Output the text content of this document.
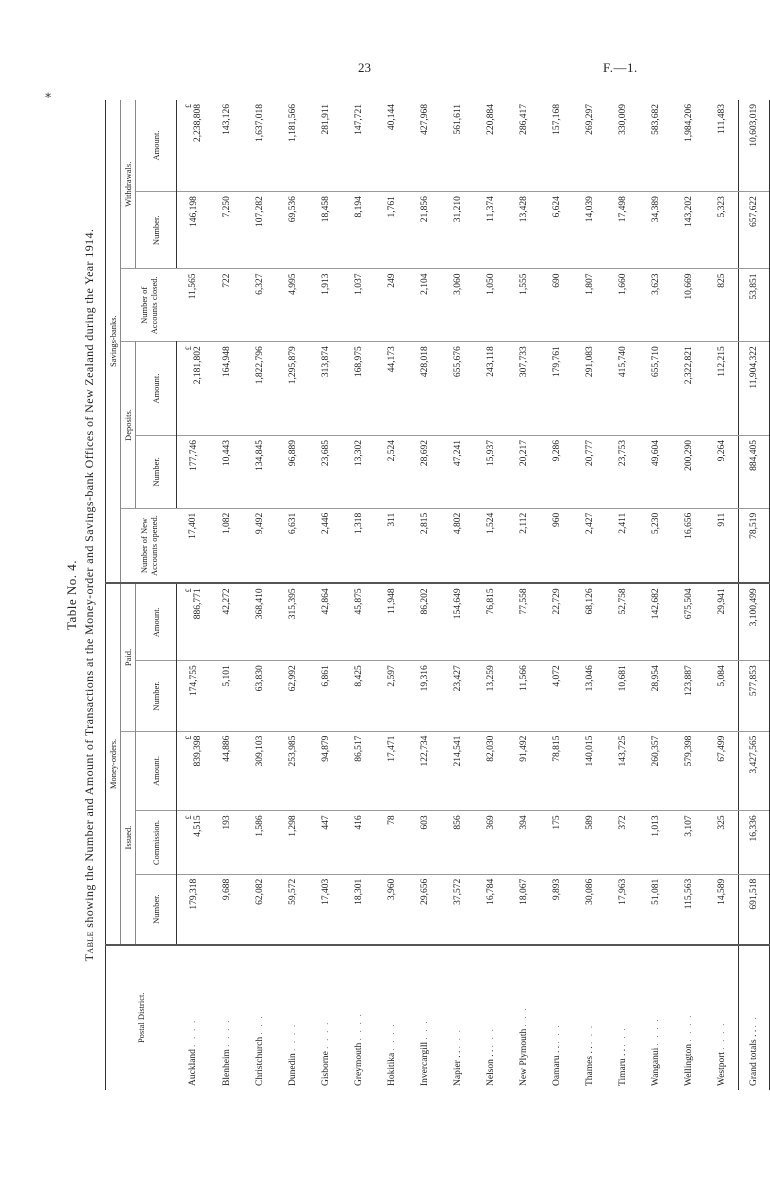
23	F.—1.
∗
Table No. 4.
Table showing the Number and Amount of Transactions at the Money-order and Savings-bank Offices of New Zealand during the Year 1914.
Postal District.	Money-orders.					Savings-banks.					
	Issued.			Paid.		Number of New Accounts opened.	Deposits.		Number of Accounts closed.	Withdrawals.	
	Number.	Commission.	Amount.	Number.	Amount.		Number.	Amount.		Number.	Amount.
Auckland . . . .	179,318	£ 4,515	£ 839,398	174,755	£ 886,771	17,401	177,746	£ 2,181,802	11,565	146,198	£ 2,238,808
Blenheim . . . .	9,688	193	44,886	5,101	42,272	1,082	10,443	164,948	722	7,250	143,126
Christchurch . . .	62,082	1,586	309,103	63,830	368,410	9,492	134,845	1,822,796	6,327	107,282	1,637,018
Dunedin . . . .	59,572	1,298	253,985	62,992	315,395	6,631	96,889	1,295,879	4,995	69,536	1,181,566
Gisborne . . . .	17,403	447	94,879	6,861	42,864	2,446	23,685	313,874	1,913	18,458	281,911
Greymouth . . . .	18,301	416	86,517	8,425	45,875	1,318	13,302	168,975	1,037	8,194	147,721
Hokitika . . . .	3,960	78	17,471	2,597	11,948	311	2,524	44,173	249	1,761	40,144
Invercargill . . .	29,656	603	122,734	19,316	86,202	2,815	28,692	428,018	2,104	21,856	427,968
Napier . . . . .	37,572	856	214,541	23,427	154,649	4,802	47,241	655,676	3,060	31,210	561,611
Nelson . . . . .	16,784	369	82,030	13,259	76,815	1,524	15,937	243,118	1,050	11,374	220,884
New Plymouth . . .	18,067	394	91,492	11,566	77,558	2,112	20,217	307,733	1,555	13,428	286,417
Oamaru . . . . .	9,893	175	78,815	4,072	22,729	960	9,286	179,761	690	6,624	157,168
Thames . . . . .	30,086	589	140,015	13,046	68,126	2,427	20,777	291,083	1,807	14,039	269,297
Timaru . . . . .	17,963	372	143,725	10,681	52,758	2,411	23,753	415,740	1,660	17,498	330,009
Wanganui . . . .	51,081	1,013	260,357	28,954	142,682	5,230	49,604	655,710	3,623	34,389	583,682
Wellington . . . .	115,563	3,107	579,398	123,887	675,504	16,656	200,290	2,322,821	10,669	143,202	1,984,206
Westport . . . .	14,589	325	67,499	5,084	29,941	911	9,264	112,215	825	5,323	111,483
Grand totals . . . .	691,518	16,336	3,427,565	577,853	3,100,499	78,519	884,405	11,904,322	53,851	657,622	10,603,019
